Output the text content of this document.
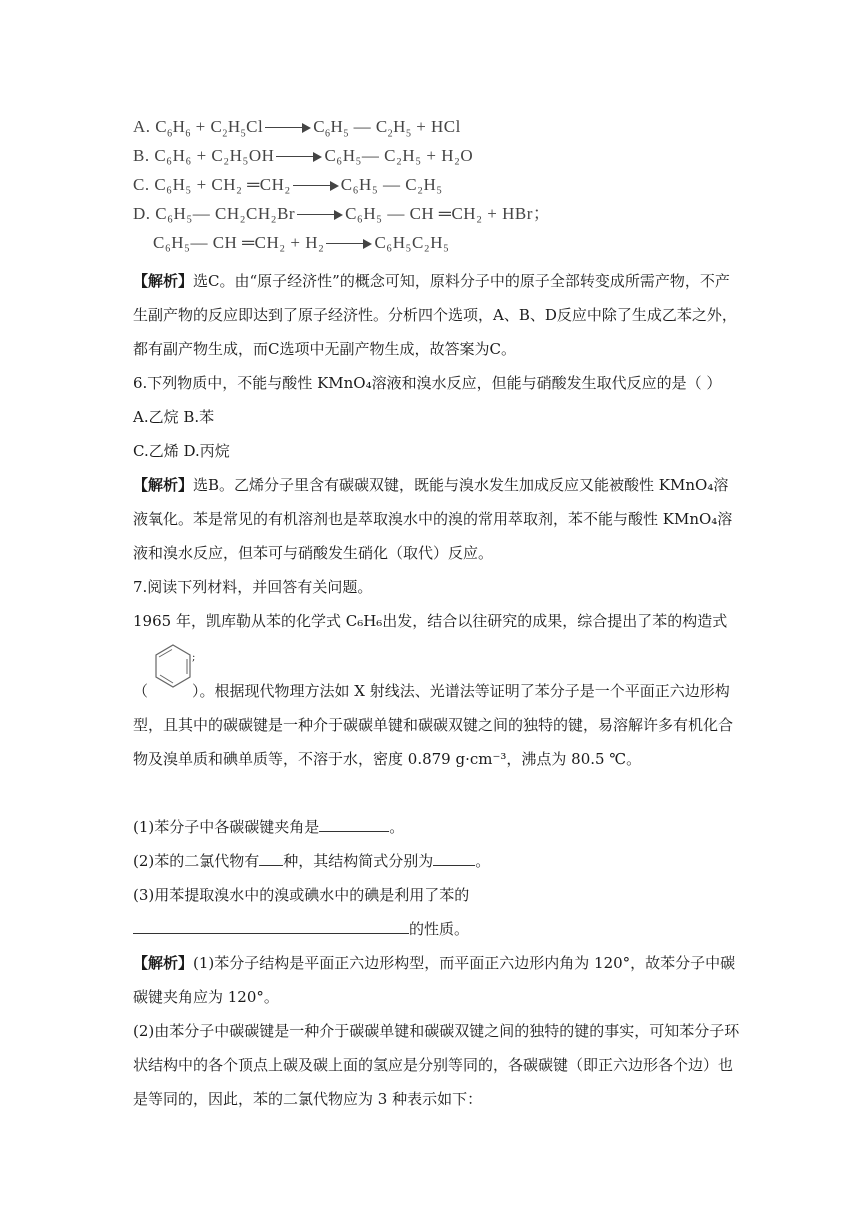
A. $C_6H_6 + C_2H_5Cl$	$C_6H_5$ — $C_2H_5$ + HCl
B. C₆H₆ + C₂H₅OH	C₆H₅— C₂H₅ + H₂O
C. C₆H₅ + CH₂ ═CH₂	C₆H₅ — C₂H₅
D. C₆H₅— CH₂CH₂Br	C₆H₅ — CH ═CH₂ + HBr；
C₆H₅— CH ═CH₂ + H₂	C₆H₅C₂H₅
【解析】选C。由“原子经济性”的概念可知，原料分子中的原子全部转变成所需产物，不产生副产物的反应即达到了原子经济性。分析四个选项，A、B、D反应中除了生成乙苯之外，都有副产物生成，而C选项中无副产物生成，故答案为C。
6.下列物质中，不能与酸性 KMnO₄溶液和溴水反应，但能与硝酸发生取代反应的是（ ）
A.乙烷 B.苯
C.乙烯 D.丙烷
【解析】选B。乙烯分子里含有碳碳双键，既能与溴水发生加成反应又能被酸性 KMnO₄溶液氧化。苯是常见的有机溶剂也是萃取溴水中的溴的常用萃取剂，苯不能与酸性 KMnO₄溶液和溴水反应，但苯可与硝酸发生硝化（取代）反应。
7.阅读下列材料，并回答有关问题。
1965 年，凯库勒从苯的化学式 C₆H₆出发，结合以往研究的成果，综合提出了苯的构造式
;
（	）。根据现代物理方法如 X 射线法、光谱法等证明了苯分子是一个平面正六边形构型，且其中的碳碳键是一种介于碳碳单键和碳碳双键之间的独特的键，易溶解许多有机化合物及溴单质和碘单质等，不溶于水，密度 0.879 g·cm⁻³，沸点为 80.5 ℃。
(1)苯分子中各碳碳键夹角是	。
(2)苯的二氯代物有 种，其结构简式分别为	。
(3)用苯提取溴水中的溴或碘水中的碘是利用了苯的
的性质。
【解析】(1)苯分子结构是平面正六边形构型，而平面正六边形内角为 120°，故苯分子中碳碳键夹角应为 120°。
(2)由苯分子中碳碳键是一种介于碳碳单键和碳碳双键之间的独特的键的事实，可知苯分子环状结构中的各个顶点上碳及碳上面的氢应是分别等同的，各碳碳键（即正六边形各个边）也是等同的，因此，苯的二氯代物应为 3 种表示如下：
